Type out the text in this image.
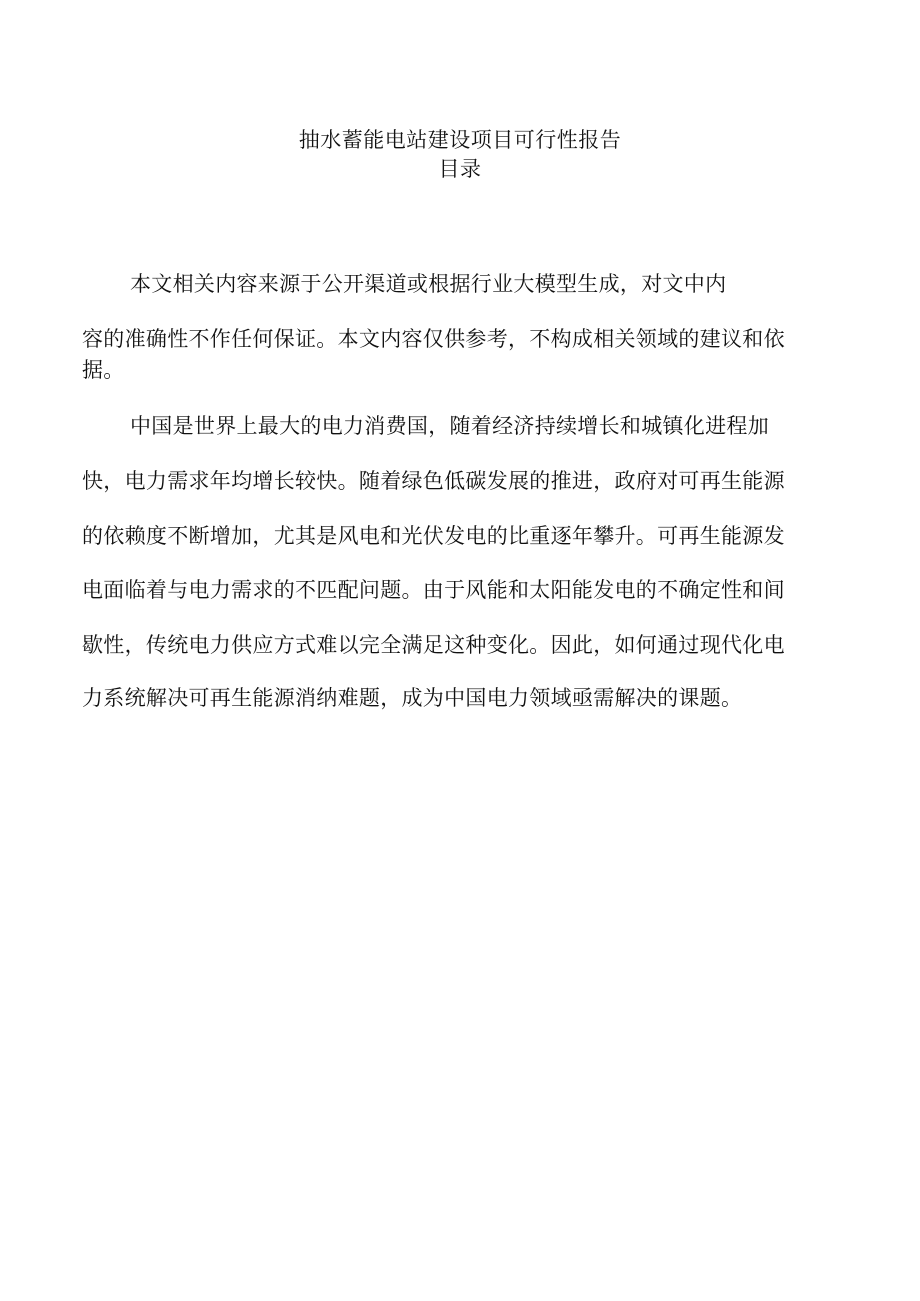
抽水蓄能电站建设项目可行性报告
目录
本文相关内容来源于公开渠道或根据行业大模型生成，对文中内
容的准确性不作任何保证。本文内容仅供参考，不构成相关领域的建议和依
据。
中国是世界上最大的电力消费国，随着经济持续增长和城镇化进程加
快，电力需求年均增长较快。随着绿色低碳发展的推进，政府对可再生能源
的依赖度不断增加，尤其是风电和光伏发电的比重逐年攀升。可再生能源发
电面临着与电力需求的不匹配问题。由于风能和太阳能发电的不确定性和间
歇性，传统电力供应方式难以完全满足这种变化。因此，如何通过现代化电
力系统解决可再生能源消纳难题，成为中国电力领域亟需解决的课题。
